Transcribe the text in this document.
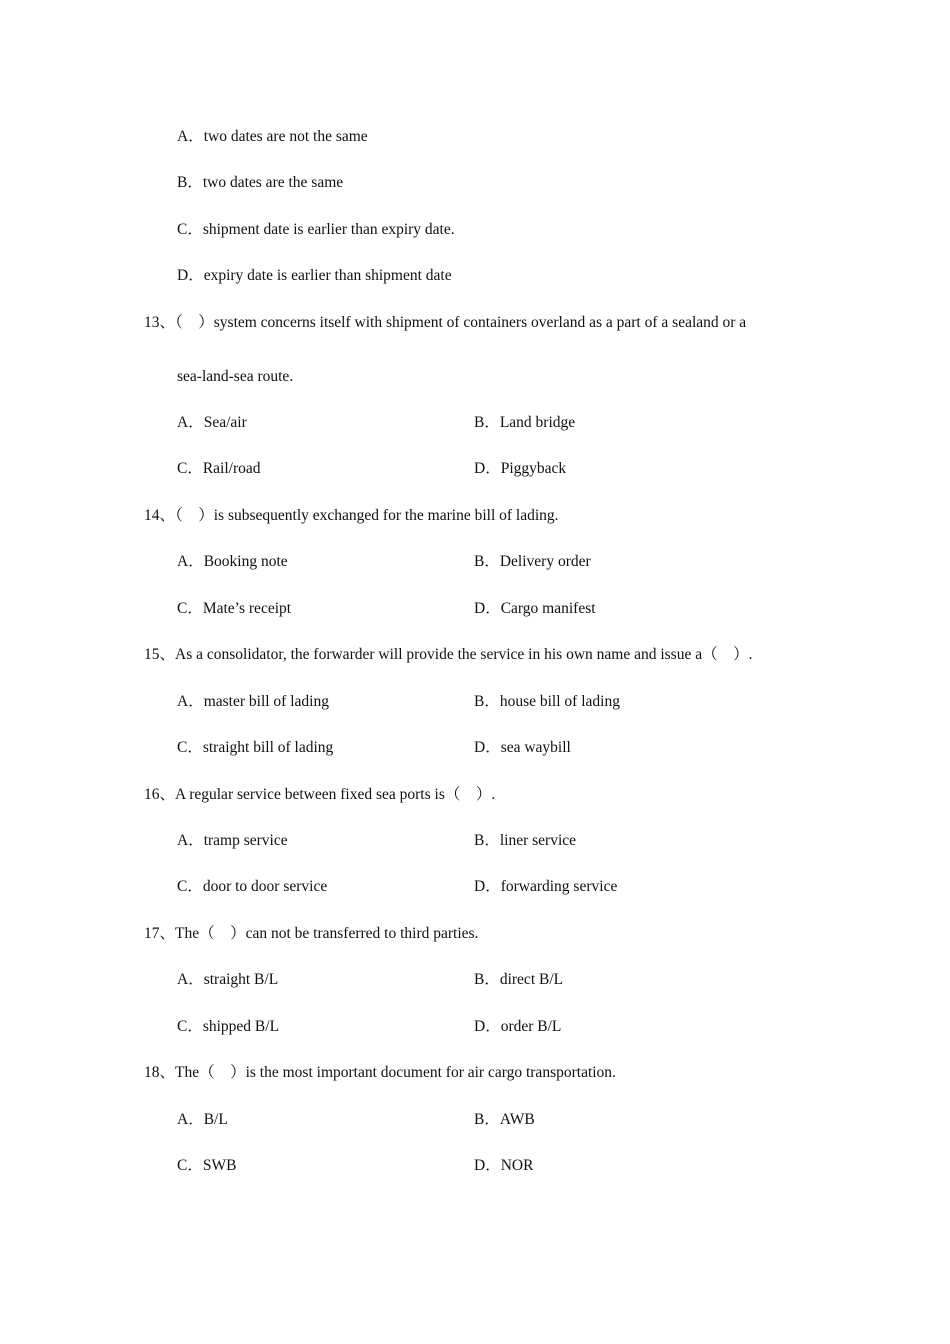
A．two dates are not the same
B．two dates are the same
C．shipment date is earlier than expiry date.
D．expiry date is earlier than shipment date
13、（　）system concerns itself with shipment of containers overland as a part of a sealand or a
sea-land-sea route.
A．Sea/air	B．Land bridge
C．Rail/road	D．Piggyback
14、（　）is subsequently exchanged for the marine bill of lading.
A．Booking note	B．Delivery order
C．Mate’s receipt	D．Cargo manifest
15、As a consolidator, the forwarder will provide the service in his own name and issue a（　）.
A．master bill of lading	B．house bill of lading
C．straight bill of lading	D．sea waybill
16、A regular service between fixed sea ports is（　）.
A．tramp service	B．liner service
C．door to door service	D．forwarding service
17、The（　）can not be transferred to third parties.
A．straight B/L	B．direct B/L
C．shipped B/L	D．order B/L
18、The（　）is the most important document for air cargo transportation.
A．B/L	B．AWB
C．SWB	D．NOR
